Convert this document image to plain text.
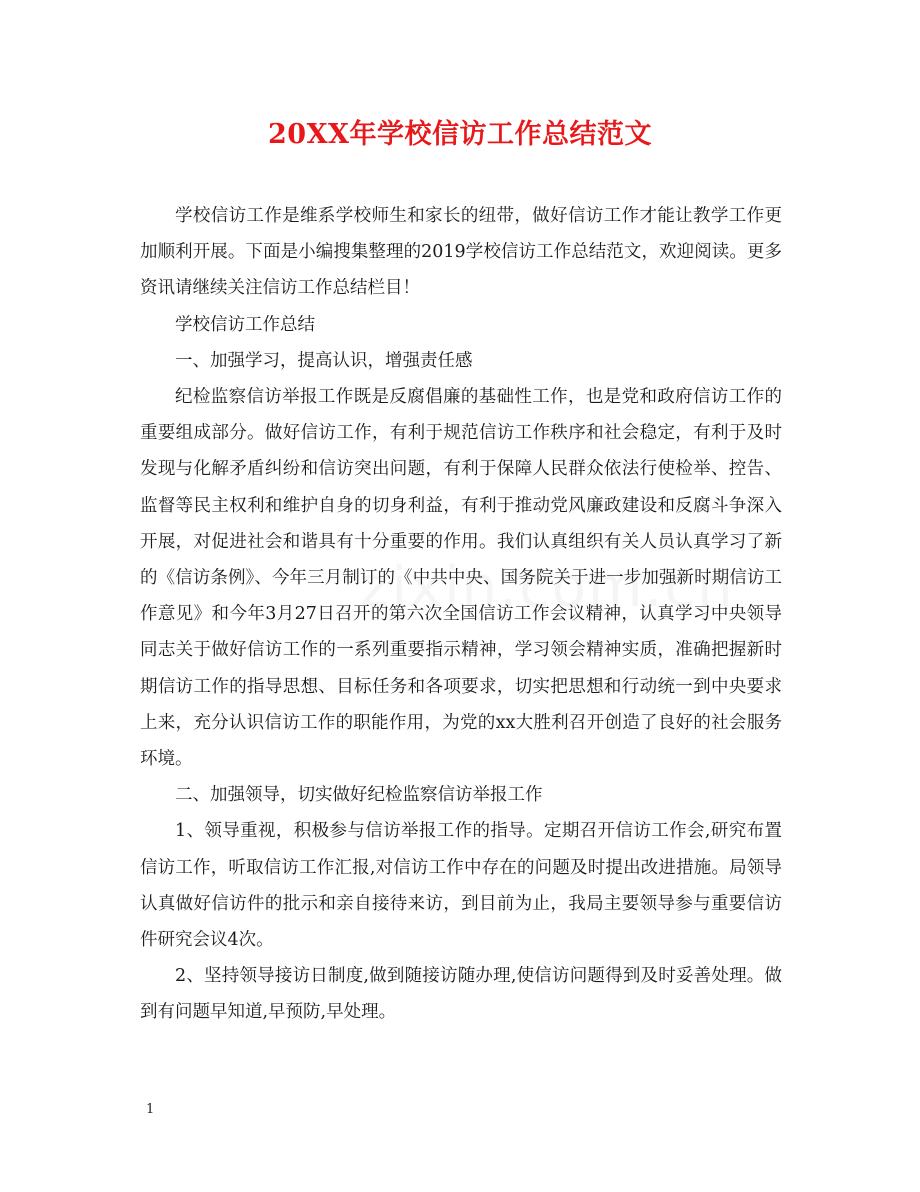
20XX年学校信访工作总结范文

学校信访工作是维系学校师生和家长的纽带，做好信访工作才能让教学工作更加顺利开展。下面是小编搜集整理的2019学校信访工作总结范文，欢迎阅读。更多资讯请继续关注信访工作总结栏目！

学校信访工作总结

一、加强学习，提高认识，增强责任感

纪检监察信访举报工作既是反腐倡廉的基础性工作，也是党和政府信访工作的重要组成部分。做好信访工作，有利于规范信访工作秩序和社会稳定，有利于及时发现与化解矛盾纠纷和信访突出问题，有利于保障人民群众依法行使检举、控告、监督等民主权利和维护自身的切身利益，有利于推动党风廉政建设和反腐斗争深入开展，对促进社会和谐具有十分重要的作用。我们认真组织有关人员认真学习了新的《信访条例》、今年三月制订的《中共中央、国务院关于进一步加强新时期信访工作意见》和今年3月27日召开的第六次全国信访工作会议精神，认真学习中央领导同志关于做好信访工作的一系列重要指示精神，学习领会精神实质，准确把握新时期信访工作的指导思想、目标任务和各项要求，切实把思想和行动统一到中央要求上来，充分认识信访工作的职能作用，为党的xx大胜利召开创造了良好的社会服务环境。

二、加强领导，切实做好纪检监察信访举报工作

1、领导重视，积极参与信访举报工作的指导。定期召开信访工作会,研究布置信访工作，听取信访工作汇报,对信访工作中存在的问题及时提出改进措施。局领导认真做好信访件的批示和亲自接待来访，到目前为止，我局主要领导参与重要信访件研究会议4次。

2、坚持领导接访日制度,做到随接访随办理,使信访问题得到及时妥善处理。做到有问题早知道,早预防,早处理。

1
